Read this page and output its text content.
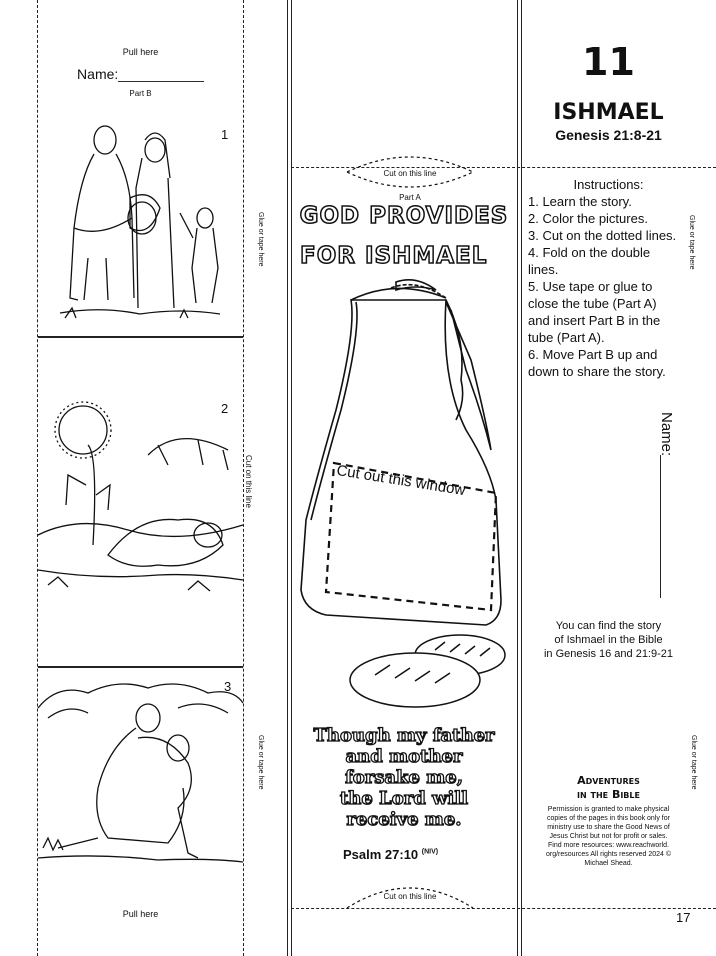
Pull here
Name:___________
Part B
1
2
3
Glue or tape here
Cut on this line
Glue or tape here
Pull here
Cut on this line
Part A
GOD PROVIDES
FOR ISHMAEL
Cut out this window
Though my father
and mother
forsake me,
the Lord will
receive me.
Psalm 27:10 $^{(NIV)}$
Cut on this line
11
ISHMAEL
Genesis 21:8-21
Instructions:
1. Learn the story.
2. Color the pictures.
3. Cut on the dotted lines.
4. Fold on the double
lines.
5. Use tape or glue to
close the tube (Part A)
and insert Part B in the
tube (Part A).
6. Move Part B up and
down to share the story.
Glue or tape here
Name:
You can find the story
of Ishmael in the Bible
in Genesis 16 and 21:9-21
Adventures
in the Bible
Permission is granted to make physical
copies of the pages in this book only for
ministry use to share the Good News of
Jesus Christ but not for profit or sales.
Find more resources: www.reachworld.
org/resources All rights reserved 2024 ©
Michael Shead.
Glue or tape here
17
